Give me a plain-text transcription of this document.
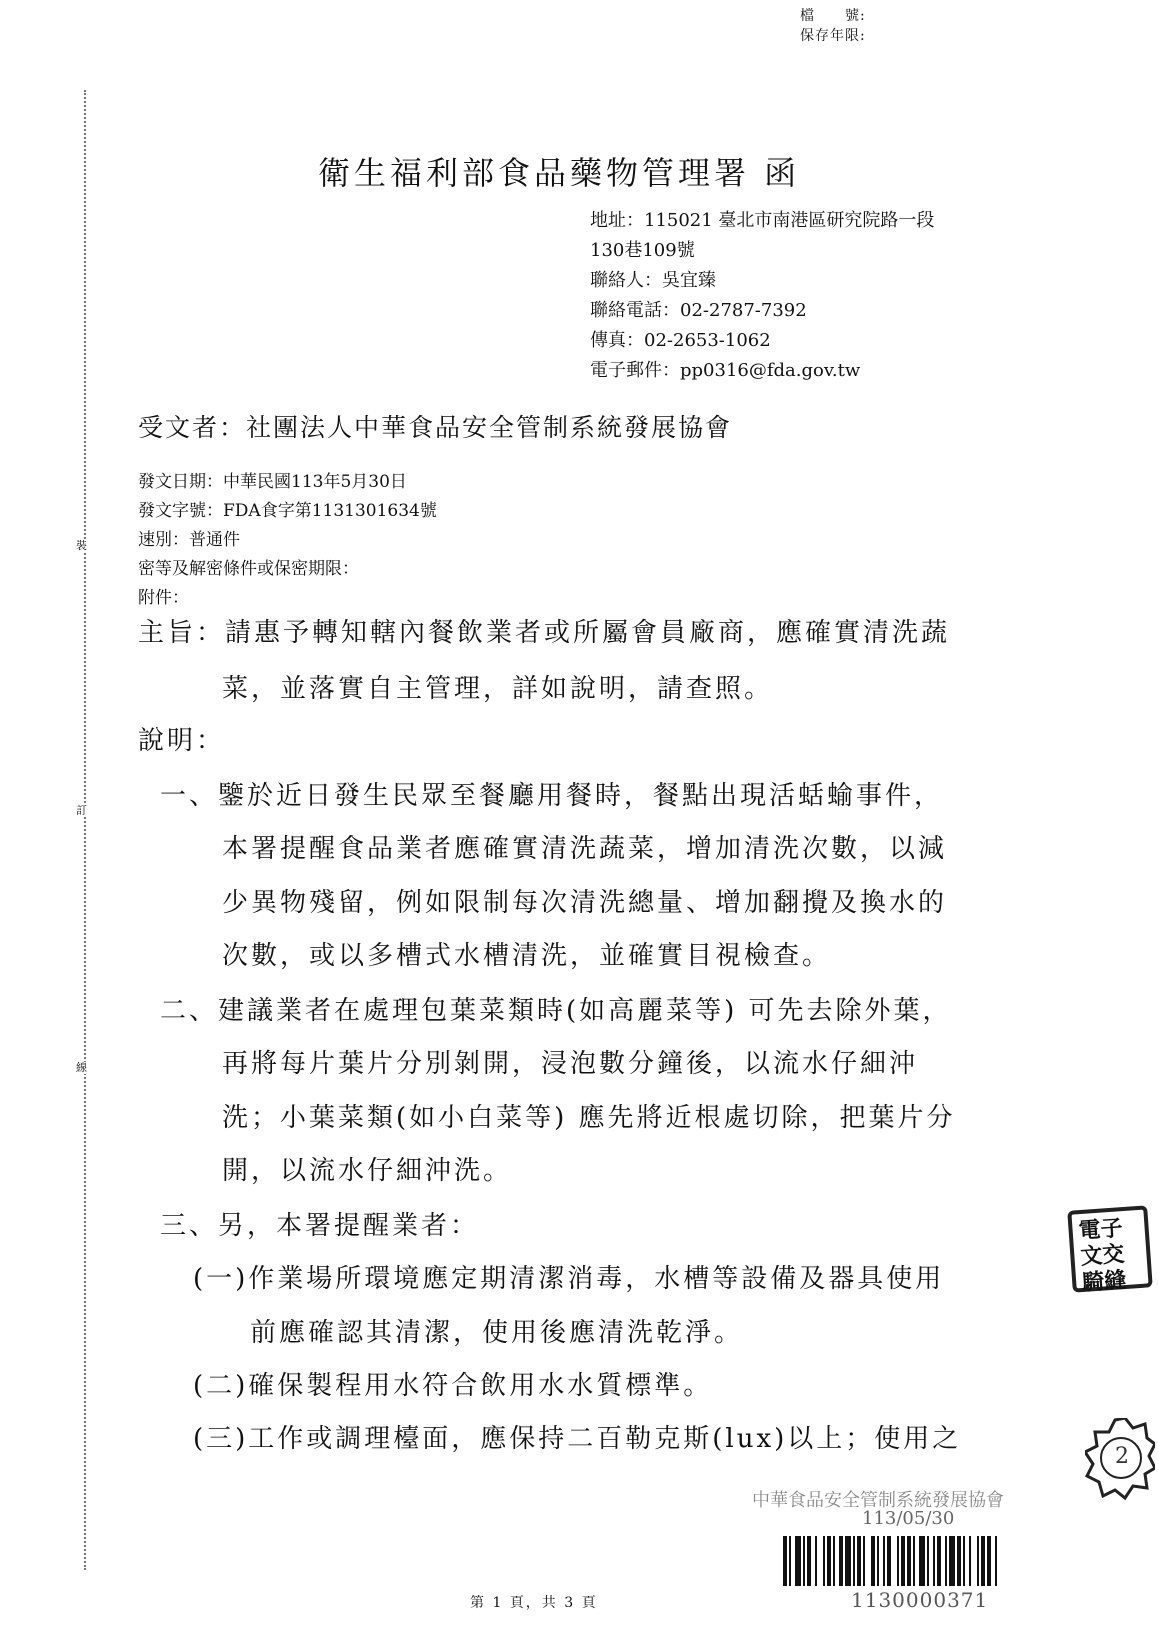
裝
訂
線
檔　　號:
保存年限:
衛生福利部食品藥物管理署 函
地址：115021 臺北市南港區研究院路一段
130巷109號
聯絡人：吳宜臻
聯絡電話：02-2787-7392
傳真：02-2653-1062
電子郵件：pp0316@fda.gov.tw
受文者：社團法人中華食品安全管制系統發展協會
發文日期：中華民國113年5月30日
發文字號：FDA食字第1131301634號
速別：普通件
密等及解密條件或保密期限：
附件：
主旨：請惠予轉知轄內餐飲業者或所屬會員廠商，應確實清洗蔬
菜，並落實自主管理，詳如說明，請查照。
說明：
一、鑒於近日發生民眾至餐廳用餐時，餐點出現活蛞蝓事件，
本署提醒食品業者應確實清洗蔬菜，增加清洗次數，以減
少異物殘留，例如限制每次清洗總量、增加翻攪及換水的
次數，或以多槽式水槽清洗，並確實目視檢查。
二、建議業者在處理包葉菜類時(如高麗菜等) 可先去除外葉，
再將每片葉片分別剝開，浸泡數分鐘後，以流水仔細沖
洗；小葉菜類(如小白菜等) 應先將近根處切除，把葉片分
開，以流水仔細沖洗。
三、另，本署提醒業者：
(一)作業場所環境應定期清潔消毒，水槽等設備及器具使用
前應確認其清潔，使用後應清洗乾淨。
(二)確保製程用水符合飲用水水質標準。
(三)工作或調理檯面，應保持二百勒克斯(lux)以上；使用之
電子
文交
騎縫
2
中華食品安全管制系統發展協會
113/05/30
1130000371
第 1 頁，共 3 頁
